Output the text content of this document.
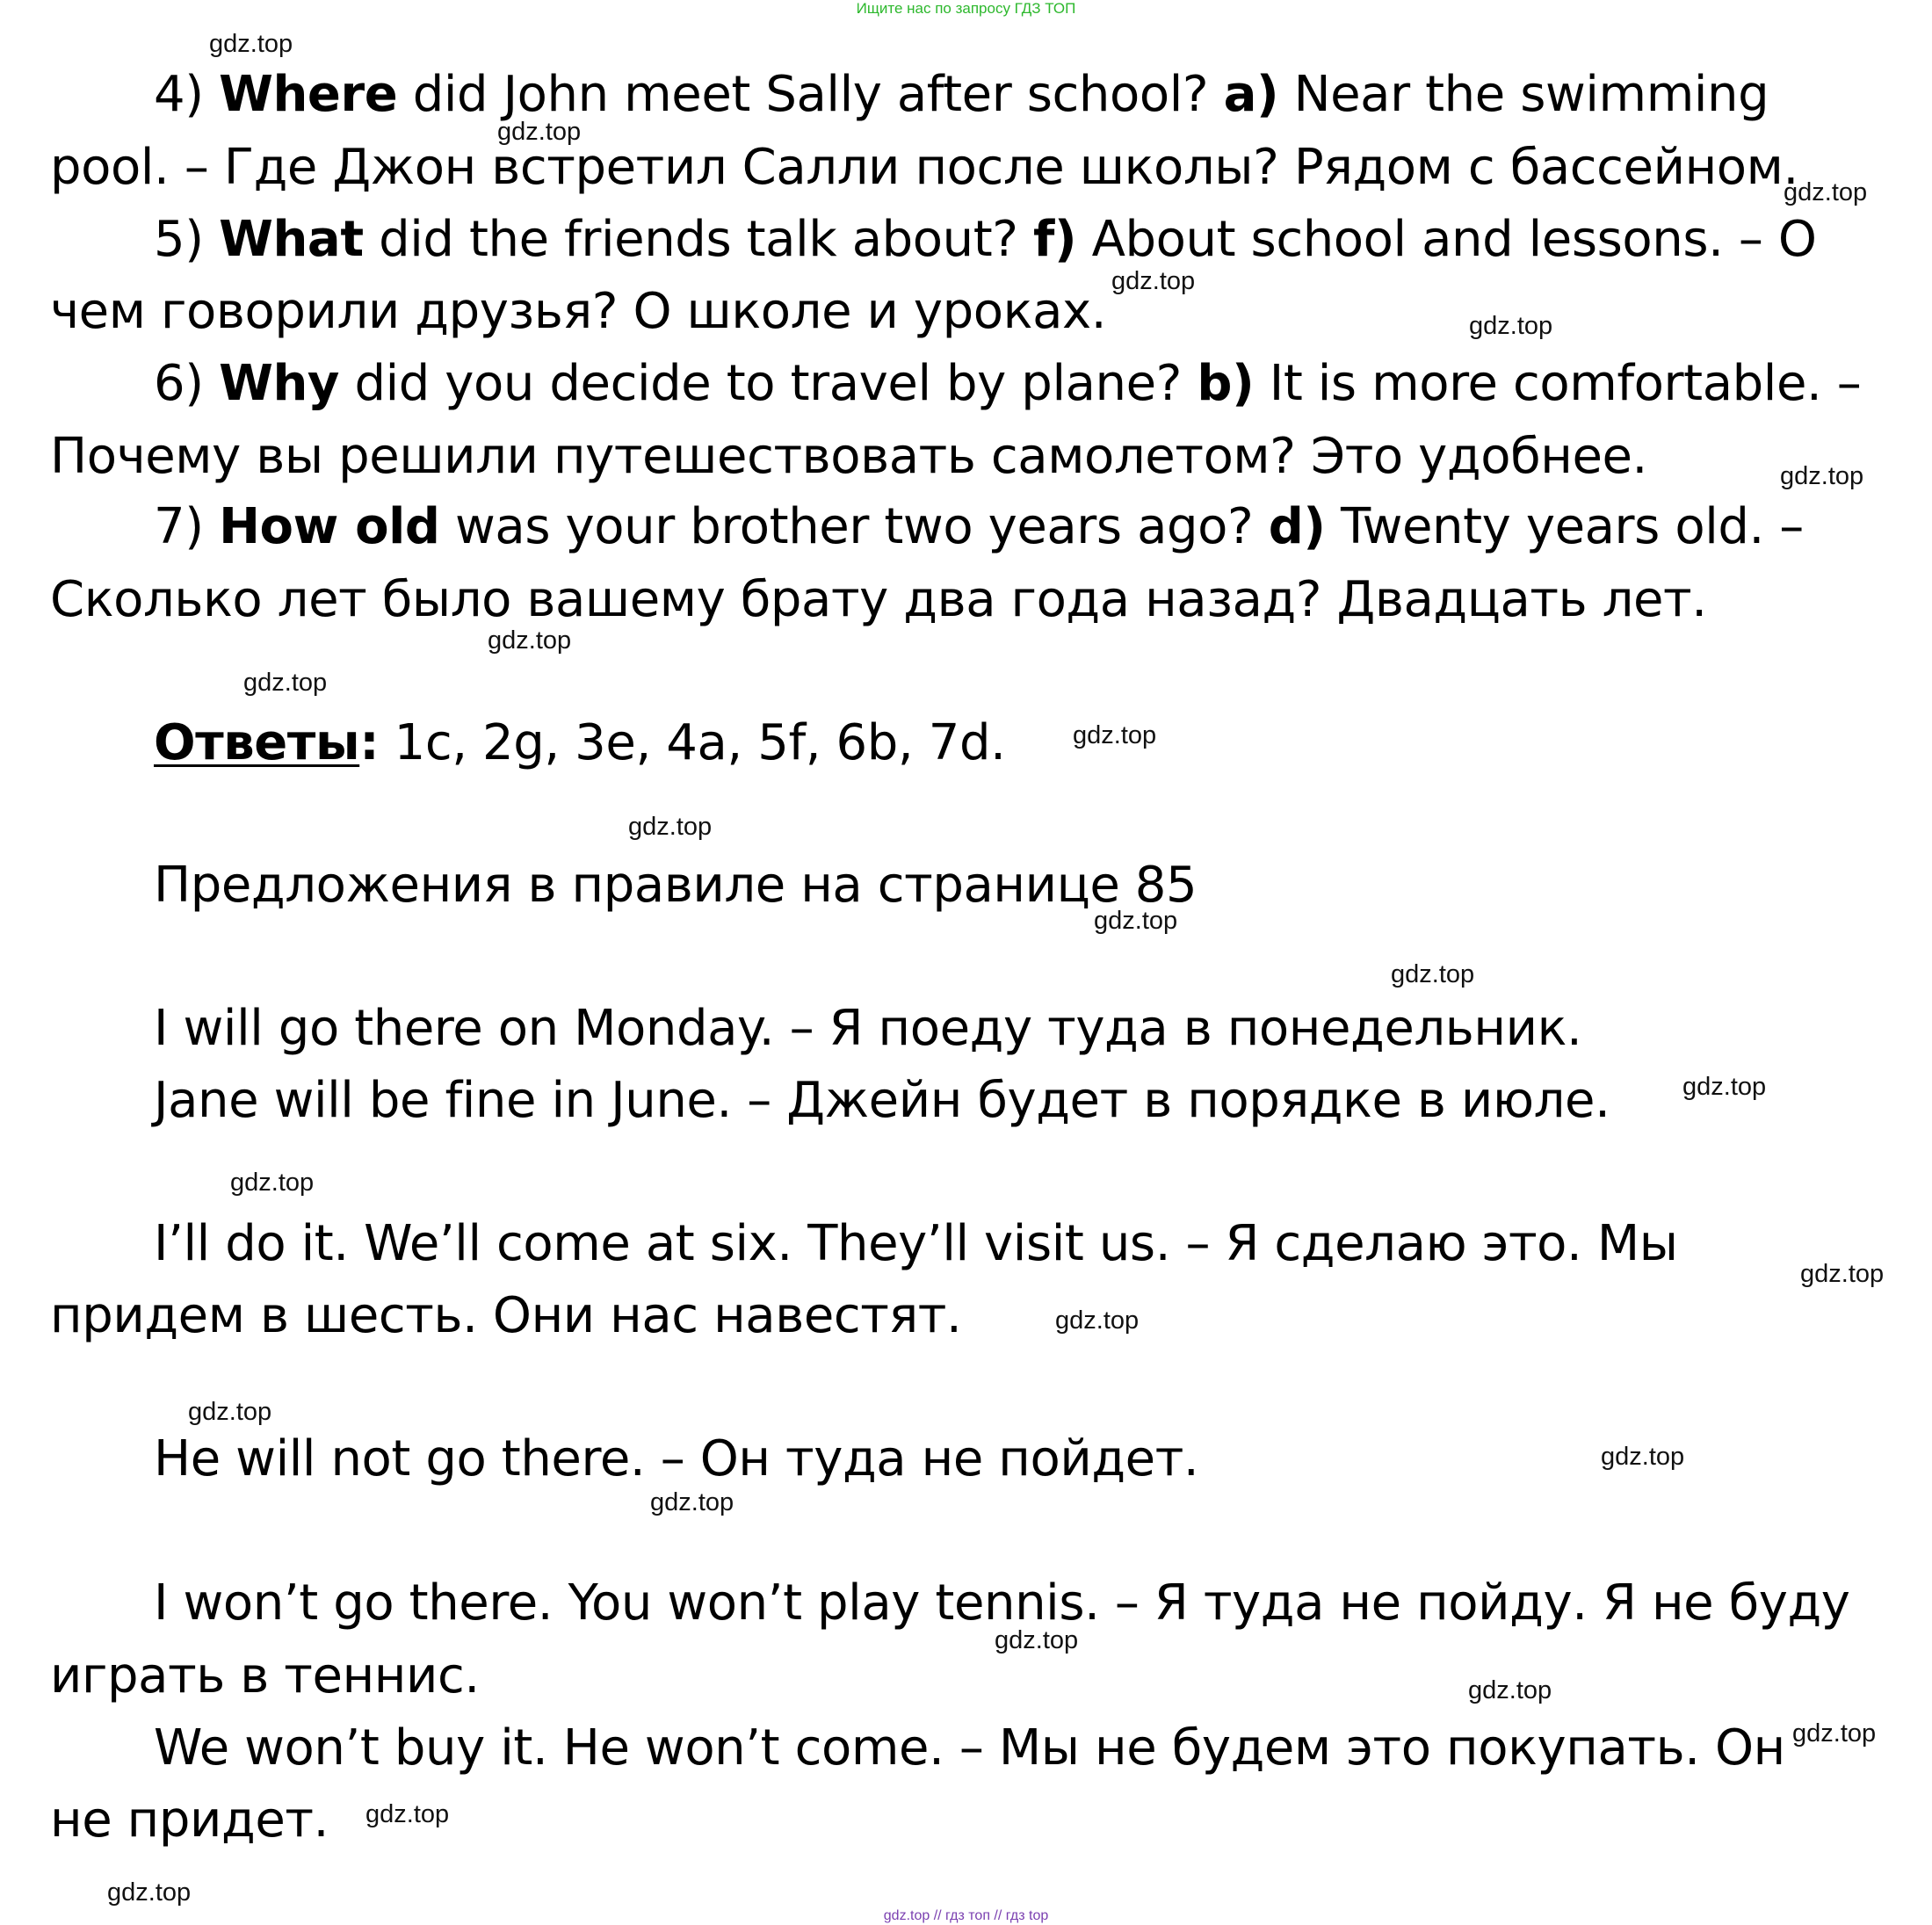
Ищите нас по запросу ГДЗ ТОП

4) Where did John meet Sally after school? a) Near the swimming

pool. – Где Джон встретил Салли после школы? Рядом с бассейном.

5) What did the friends talk about? f) About school and lessons. – О

чем говорили друзья? О школе и уроках.

6) Why did you decide to travel by plane? b) It is more comfortable. –

Почему вы решили путешествовать самолетом? Это удобнее.

7) How old was your brother two years ago? d) Twenty years old. –

Сколько лет было вашему брату два года назад? Двадцать лет.

Ответы: 1c, 2g, 3e, 4a, 5f, 6b, 7d.

Предложения в правиле на странице 85

I will go there on Monday. – Я поеду туда в понедельник.

Jane will be fine in June. – Джейн будет в порядке в июле.

I’ll do it. We’ll come at six. They’ll visit us. – Я сделаю это. Мы

придем в шесть. Они нас навестят.

He will not go there. – Он туда не пойдет.

I won’t go there. You won’t play tennis. – Я туда не пойду. Я не буду

играть в теннис.

We won’t buy it. He won’t come. – Мы не будем это покупать. Он

не придет.

gdz.top
gdz.top
gdz.top
gdz.top
gdz.top
gdz.top
gdz.top
gdz.top
gdz.top
gdz.top
gdz.top
gdz.top
gdz.top
gdz.top
gdz.top
gdz.top
gdz.top
gdz.top
gdz.top
gdz.top
gdz.top
gdz.top
gdz.top
gdz.top
gdz.top // гдз топ // гдз top
